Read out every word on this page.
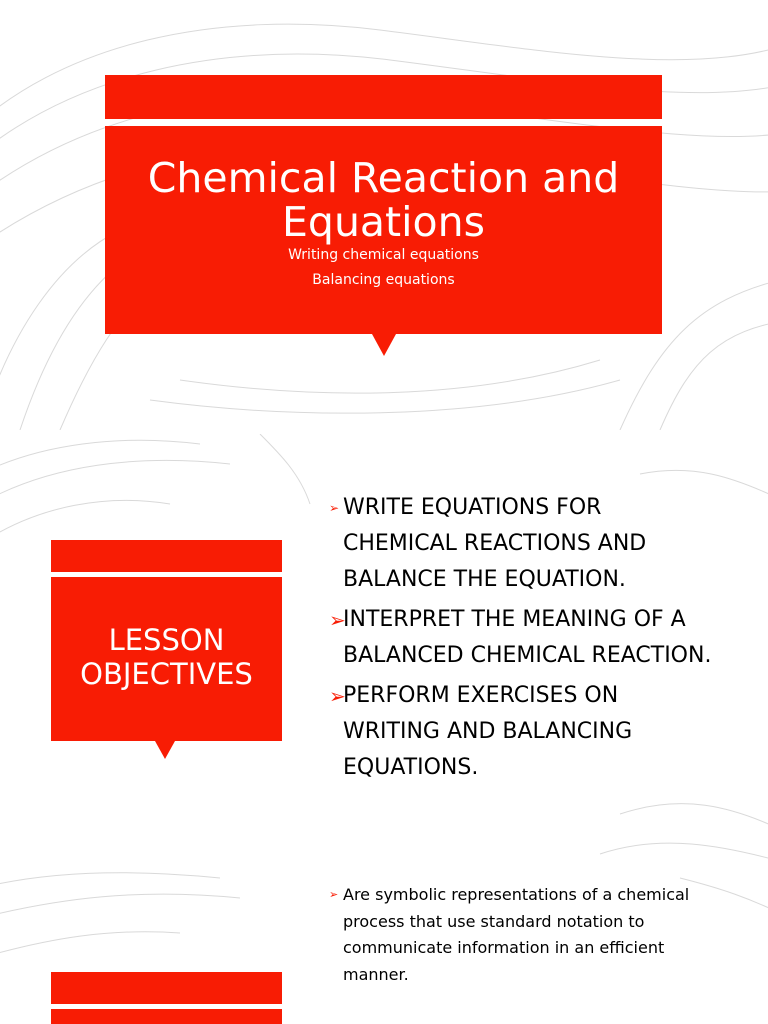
Chemical Reaction and Equations
Writing chemical equations
Balancing equations
LESSON OBJECTIVES
➢ WRITE EQUATIONS FOR CHEMICAL REACTIONS AND BALANCE THE EQUATION.
➢
INTERPRET THE MEANING OF A BALANCED CHEMICAL REACTION.
➢
PERFORM EXERCISES ON WRITING AND BALANCING EQUATIONS.
➢ Are symbolic representations of a chemical process that use standard notation to communicate information in an efficient manner.
